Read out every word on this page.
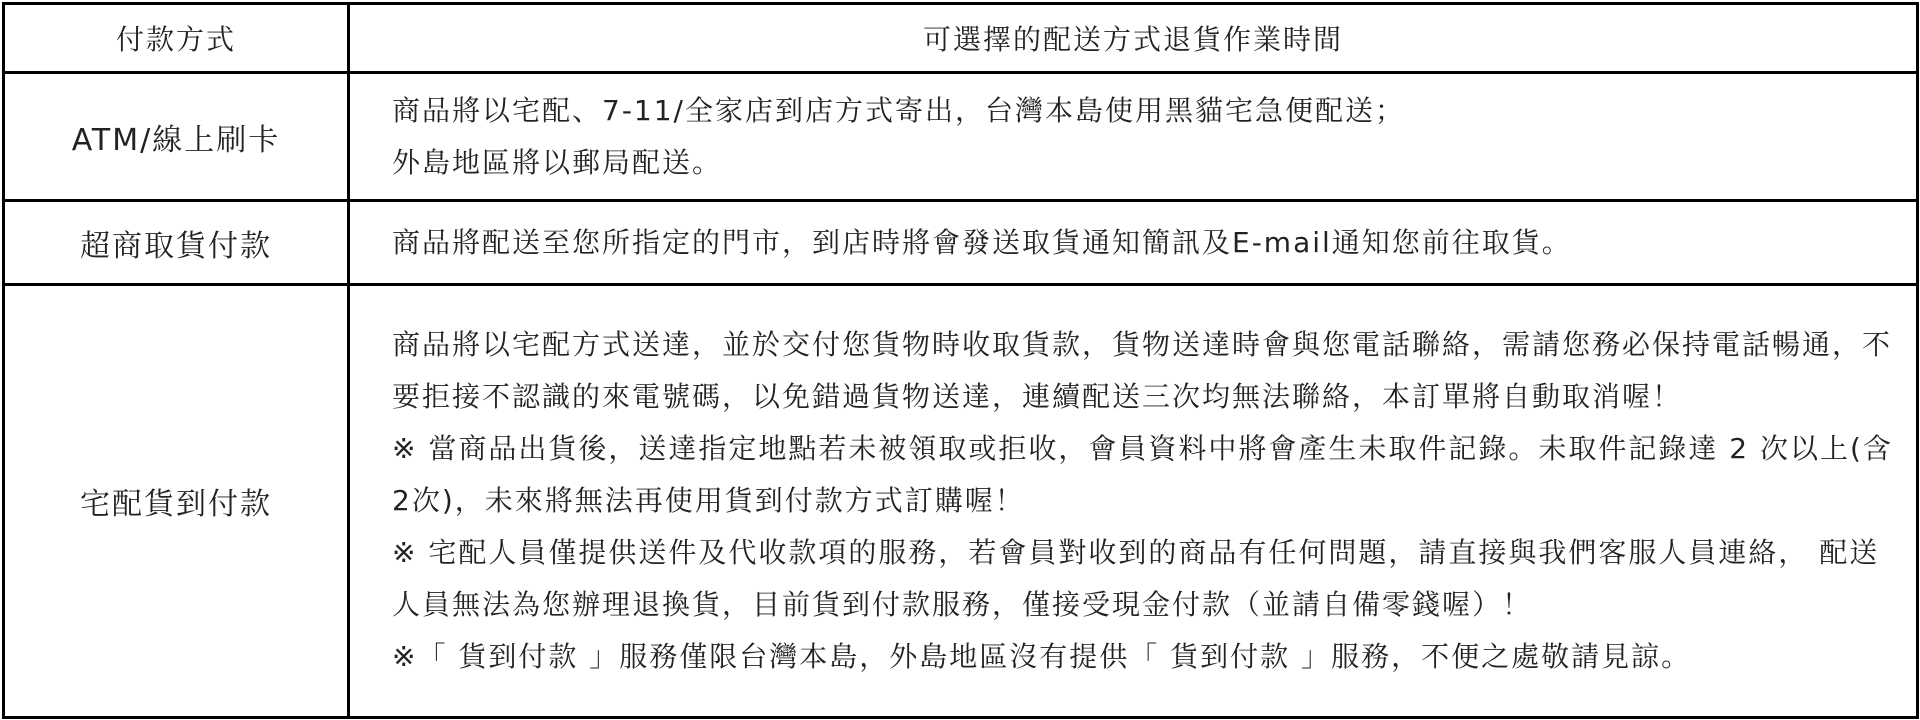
付款方式	可選擇的配送方式退貨作業時間
ATM/線上刷卡	商品將以宅配、7-11/全家店到店方式寄出，台灣本島使用黑貓宅急便配送；
外島地區將以郵局配送。

超商取貨付款	商品將配送至您所指定的門市，到店時將會發送取貨通知簡訊及E-mail通知您前往取貨。

宅配貨到付款	商品將以宅配方式送達，並於交付您貨物時收取貨款，貨物送達時會與您電話聯絡，需請您務必保持電話暢通，不要拒接不認識的來電號碼，以免錯過貨物送達，連續配送三次均無法聯絡，本訂單將自動取消喔！
※ 當商品出貨後，送達指定地點若未被領取或拒收，會員資料中將會產生未取件記錄。未取件記錄達 2 次以上(含2次)，未來將無法再使用貨到付款方式訂購喔！
※ 宅配人員僅提供送件及代收款項的服務，若會員對收到的商品有任何問題，請直接與我們客服人員連絡， 配送人員無法為您辦理退換貨，目前貨到付款服務，僅接受現金付款（並請自備零錢喔）！
※「 貨到付款 」服務僅限台灣本島，外島地區沒有提供「 貨到付款 」服務，不便之處敬請見諒。
